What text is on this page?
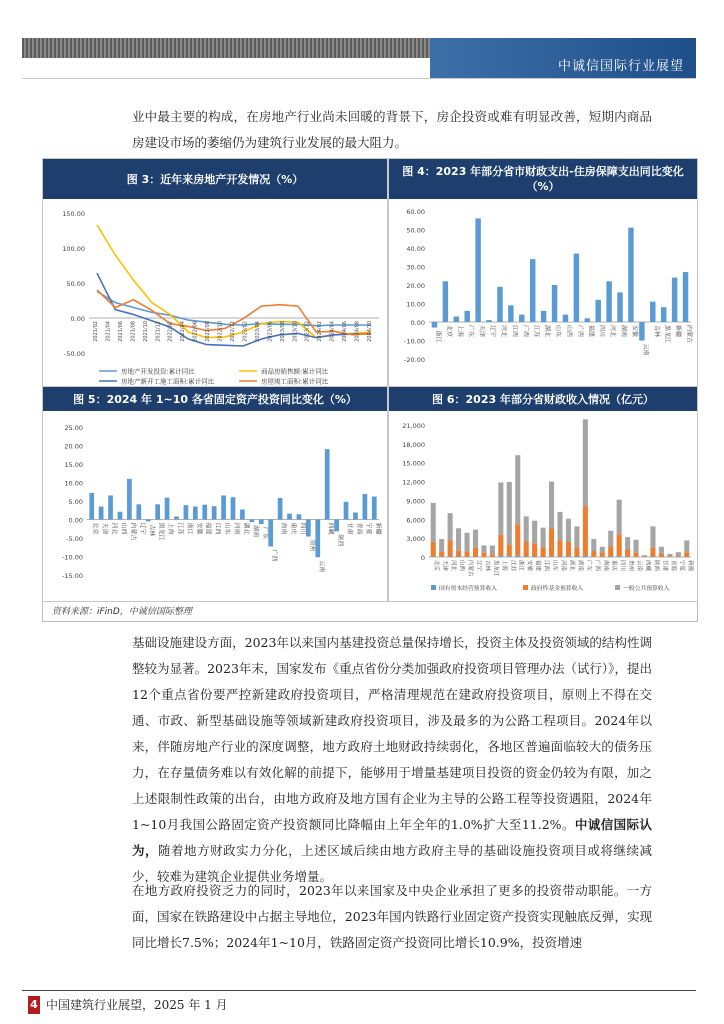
中诚信国际行业展望

业中最主要的构成，在房地产行业尚未回暖的背景下，房企投资或难有明显改善，短期内商品房建设市场的萎缩仍为建筑行业发展的最大阻力。

图 3：近年来房地产开发情况（%）
150.00
100.00
50.00
0.00
-50.00
2021/02 2021/04 2021/06 2021/08 2021/10 2021/12 2022/02 2022/04 2022/06 2022/08 2022/10 2022/12 2023/02 2023/04 2023/06 2023/08 2023/10 2023/12 2024/02 2024/04 2024/06 2024/08 2024/10
房地产开发投资:累计同比	商品房销售额:累计同比
房地产新开工施工面积:累计同比	房屋竣工面积:累计同比
图 4：2023 年部分省市财政支出-住房保障支出同比变化（%）
60.00
50.00
40.00
30.00
20.00
10.00
0.00
-10.00
-20.00
浙江 北京 上海 广东 天津 辽宁 河北 江西 广西 江苏 湖北 山东 山西 广西 福建 四川 河北 湖南 安徽
云南
吉林 黑龙江 新疆 内蒙古
图 5：2024 年 1~10 各省固定资产投资同比变化（%）
25.00
20.00
15.00
10.00
5.00
0.00
-5.00
-10.00
-15.00
北京 天津 河北 山西 内蒙古 辽宁 吉林 黑龙江 上海 江苏 浙江 安徽 福建 江西 山东 河南 湖北 湖南 广东
广西
海南 重庆 四川
贵州
云南
西藏
陕西
甘肃 青海 宁夏 新疆
图 6：2023 年部分省财政收入情况（亿元）
21,000
18,000
15,000
12,000
9,000
6,000
3,000
0
北京 天津 河北 山西 内蒙古 辽宁 吉林 黑龙江 上海 江苏 浙江 安徽 福建 江西 山东 河南 湖北 湖南 广东 广西 海南 重庆 四川 贵州 云南 西藏 陕西 甘肃 青海 宁夏 新疆
国有资本经营预算收入	政府性基金预算收入	一般公共预算收入
资料来源：iFinD，中诚信国际整理

基础设施建设方面，2023年以来国内基建投资总量保持增长，投资主体及投资领域的结构性调整较为显著。2023年末，国家发布《重点省份分类加强政府投资项目管理办法（试行）》，提出12个重点省份要严控新建政府投资项目，严格清理规范在建政府投资项目，原则上不得在交通、市政、新型基础设施等领域新建政府投资项目，涉及最多的为公路工程项目。2024年以来，伴随房地产行业的深度调整，地方政府土地财政持续弱化，各地区普遍面临较大的债务压力，在存量债务难以有效化解的前提下，能够用于增量基建项目投资的资金仍较为有限，加之上述限制性政策的出台，由地方政府及地方国有企业为主导的公路工程等投资遇阻，2024年1~10月我国公路固定资产投资额同比降幅由上年全年的1.0%扩大至11.2%。中诚信国际认为，随着地方财政实力分化，上述区域后续由地方政府主导的基础设施投资项目或将继续减少，较难为建筑企业提供业务增量。

在地方政府投资乏力的同时，2023年以来国家及中央企业承担了更多的投资带动职能。一方面，国家在铁路建设中占据主导地位，2023年国内铁路行业固定资产投资实现触底反弹，实现同比增长7.5%；2024年1~10月，铁路固定资产投资同比增长10.9%，投资增速

4 中国建筑行业展望，2025 年 1 月
